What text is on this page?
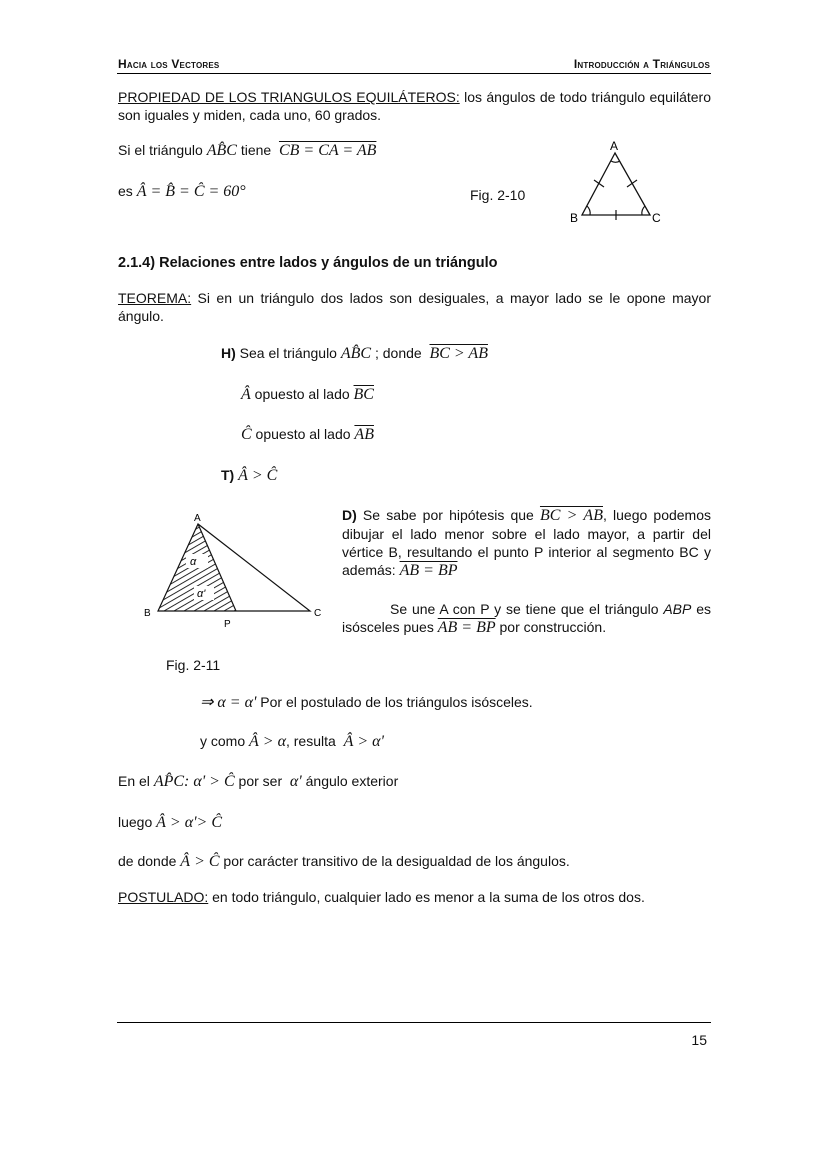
Hacia los Vectores	Introducción a Triángulos
PROPIEDAD DE LOS TRIANGULOS EQUILÁTEROS: los ángulos de todo triángulo equilátero son iguales y miden, cada uno, 60 grados.
Si el triángulo AB̂C tiene  CB = CA = AB
es Â = B̂ = Ĉ = 60°	Fig. 2-10
A
B	C
2.1.4) Relaciones entre lados y ángulos de un triángulo
TEOREMA: Si en un triángulo dos lados son desiguales, a mayor lado se le opone mayor ángulo.
H) Sea el triángulo AB̂C ; donde  BC > AB
Â opuesto al lado $\overline{BC}$
Ĉ opuesto al lado $\overline{AB}$
T) Â > Ĉ
α
α'
A
B	C
P
Fig. 2-11
D) Se sabe por hipótesis que BC > AB, luego podemos dibujar el lado menor sobre el lado mayor, a partir del vértice B, resultando el punto P interior al segmento BC y además: AB = BP
Se une A con P y se tiene que el triángulo ABP es isósceles pues AB = BP por construcción.
⇒ α = α' Por el postulado de los triángulos isósceles.
y como Â > α, resulta  Â > α'
En el AP̂C: α' > Ĉ por ser  α' ángulo exterior
luego Â > α'> Ĉ
de donde Â > Ĉ por carácter transitivo de la desigualdad de los ángulos.
POSTULADO: en todo triángulo, cualquier lado es menor a la suma de los otros dos.
15
